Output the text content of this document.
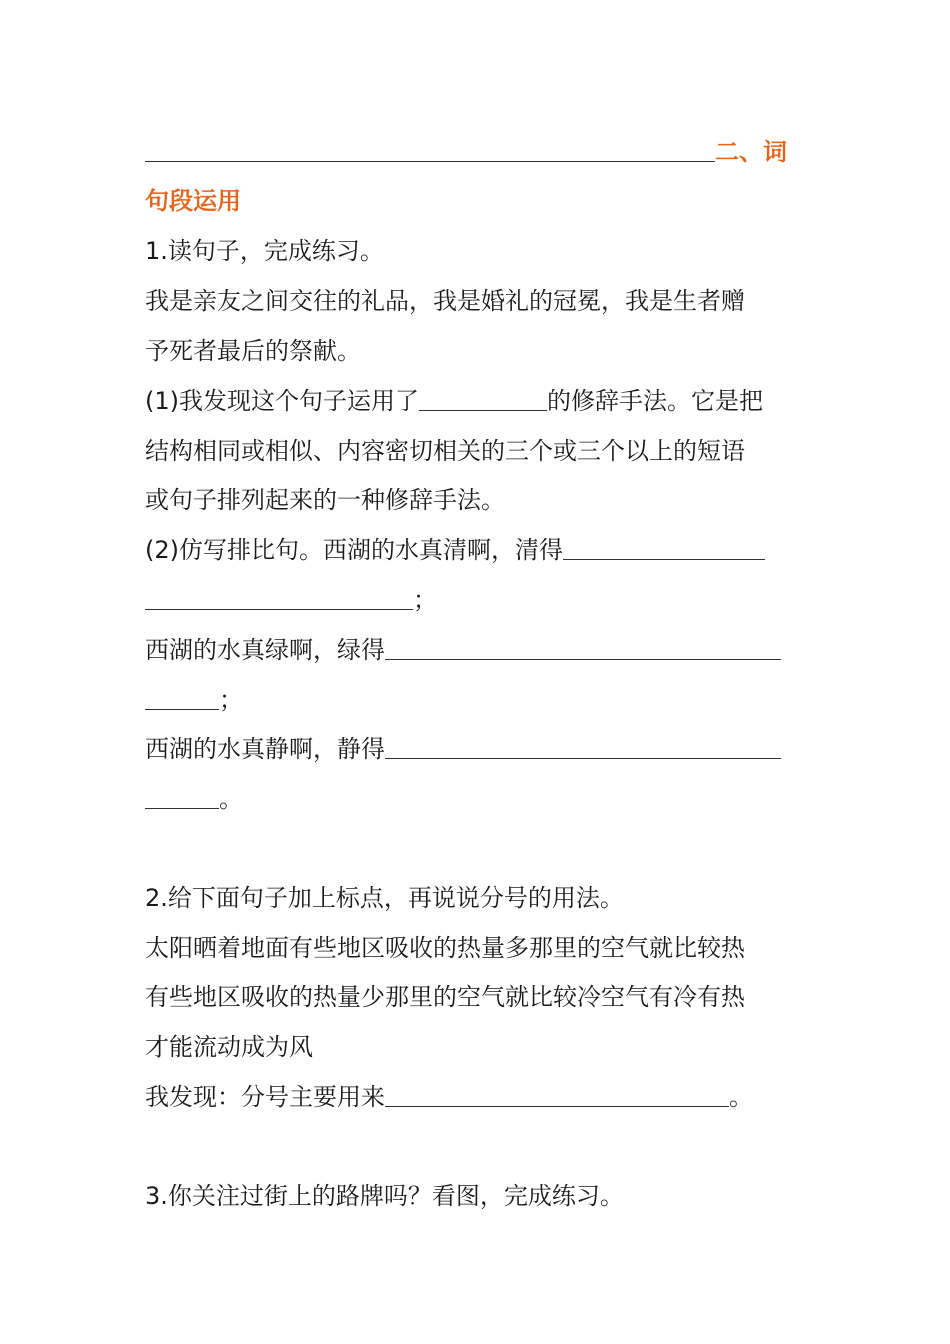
二、词
句段运用
1.读句子，完成练习。
我是亲友之间交往的礼品，我是婚礼的冠冕，我是生者赠
予死者最后的祭献。
(1)我发现这个句子运用了	的修辞手法。它是把
结构相同或相似、内容密切相关的三个或三个以上的短语
或句子排列起来的一种修辞手法。
(2)仿写排比句。西湖的水真清啊，清得
；
西湖的水真绿啊，绿得
；
西湖的水真静啊，静得
。
2.给下面句子加上标点，再说说分号的用法。
太阳晒着地面有些地区吸收的热量多那里的空气就比较热
有些地区吸收的热量少那里的空气就比较冷空气有冷有热
才能流动成为风
我发现：分号主要用来	。
3.你关注过街上的路牌吗？看图，完成练习。
